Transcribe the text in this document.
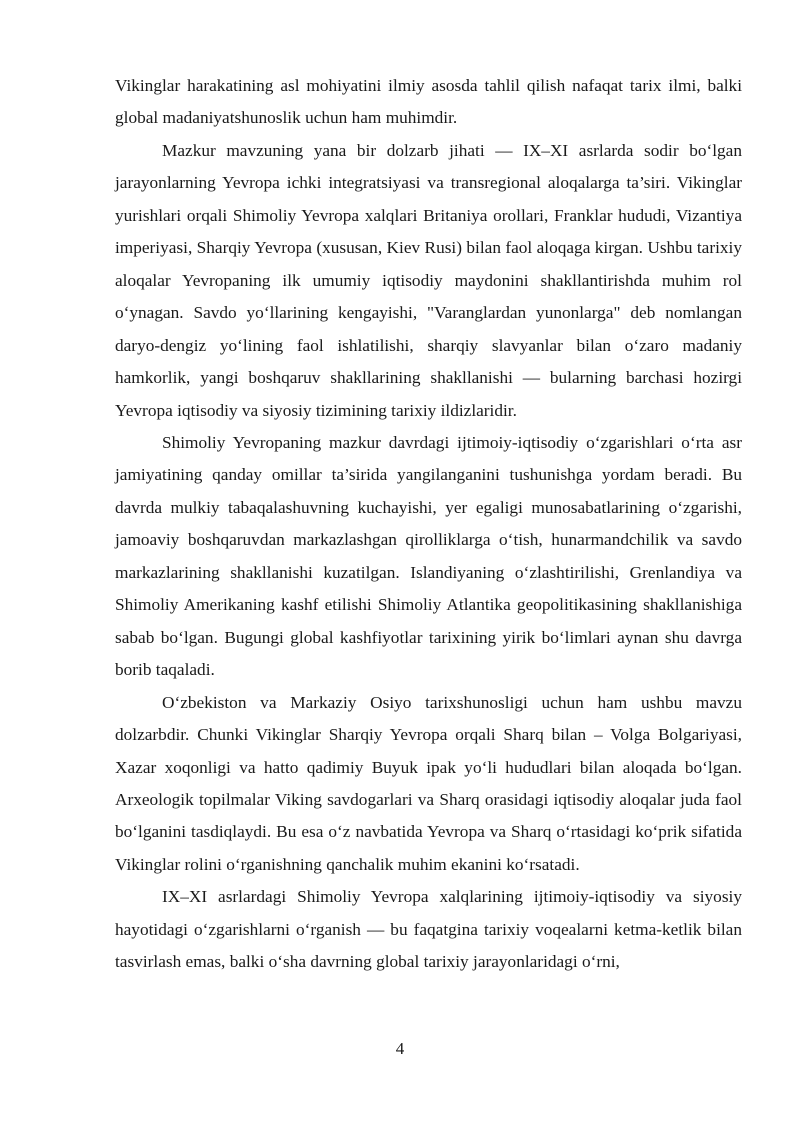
Vikinglar harakatining asl mohiyatini ilmiy asosda tahlil qilish nafaqat tarix ilmi, balki global madaniyatshunoslik uchun ham muhimdir.

Mazkur mavzuning yana bir dolzarb jihati — IX–XI asrlarda sodir bo‘lgan jarayonlarning Yevropa ichki integratsiyasi va transregional aloqalarga ta’siri. Vikinglar yurishlari orqali Shimoliy Yevropa xalqlari Britaniya orollari, Franklar hududi, Vizantiya imperiyasi, Sharqiy Yevropa (xususan, Kiev Rusi) bilan faol aloqaga kirgan. Ushbu tarixiy aloqalar Yevropaning ilk umumiy iqtisodiy maydonini shakllantirishda muhim rol o‘ynagan. Savdo yo‘llarining kengayishi, "Varanglardan yunonlarga" deb nomlangan daryo-dengiz yo‘lining faol ishlatilishi, sharqiy slavyanlar bilan o‘zaro madaniy hamkorlik, yangi boshqaruv shakllarining shakllanishi — bularning barchasi hozirgi Yevropa iqtisodiy va siyosiy tizimining tarixiy ildizlaridir.

Shimoliy Yevropaning mazkur davrdagi ijtimoiy-iqtisodiy o‘zgarishlari o‘rta asr jamiyatining qanday omillar ta’sirida yangilanganini tushunishga yordam beradi. Bu davrda mulkiy tabaqalashuvning kuchayishi, yer egaligi munosabatlarining o‘zgarishi, jamoaviy boshqaruvdan markazlashgan qirolliklarga o‘tish, hunarmandchilik va savdo markazlarining shakllanishi kuzatilgan. Islandiyaning o‘zlashtirilishi, Grenlandiya va Shimoliy Amerikaning kashf etilishi Shimoliy Atlantika geopolitikasining shakllanishiga sabab bo‘lgan. Bugungi global kashfiyotlar tarixining yirik bo‘limlari aynan shu davrga borib taqaladi.

O‘zbekiston va Markaziy Osiyo tarixshunosligi uchun ham ushbu mavzu dolzarbdir. Chunki Vikinglar Sharqiy Yevropa orqali Sharq bilan – Volga Bolgariyasi, Xazar xoqonligi va hatto qadimiy Buyuk ipak yo‘li hududlari bilan aloqada bo‘lgan. Arxeologik topilmalar Viking savdogarlari va Sharq orasidagi iqtisodiy aloqalar juda faol bo‘lganini tasdiqlaydi. Bu esa o‘z navbatida Yevropa va Sharq o‘rtasidagi ko‘prik sifatida Vikinglar rolini o‘rganishning qanchalik muhim ekanini ko‘rsatadi.

IX–XI asrlardagi Shimoliy Yevropa xalqlarining ijtimoiy-iqtisodiy va siyosiy hayotidagi o‘zgarishlarni o‘rganish — bu faqatgina tarixiy voqealarni ketma-ketlik bilan tasvirlash emas, balki o‘sha davrning global tarixiy jarayonlaridagi o‘rni,

4
